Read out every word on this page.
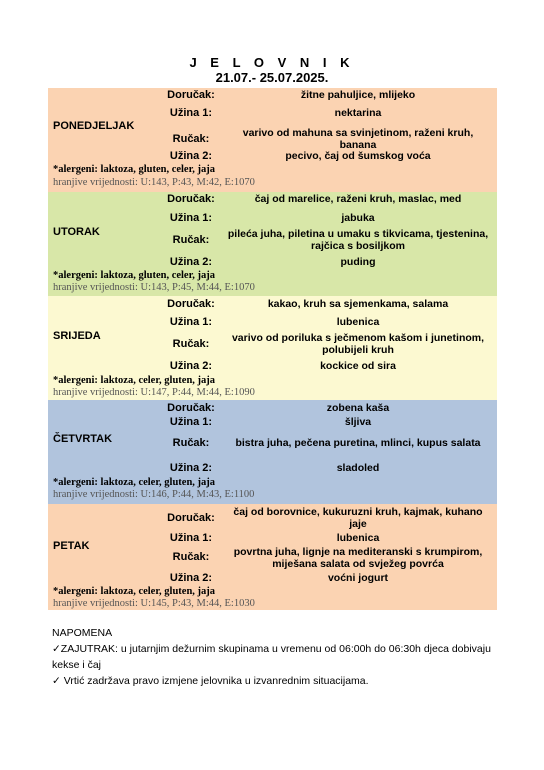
J E L O V N I K
21.07.- 25.07.2025.
PONEDJELJAK
Doručak:	žitne pahuljice, mlijeko
Užina 1:	nektarina
Ručak:	varivo od mahuna sa svinjetinom, raženi kruh, banana
Užina 2:	pecivo, čaj od šumskog voća
*alergeni: laktoza, gluten, celer, jaja
hranjive vrijednosti: U:143, P:43, M:42, E:1070
UTORAK
Doručak:	čaj od marelice, raženi kruh, maslac, med
Užina 1:	jabuka
Ručak:	pileća juha, piletina u umaku s tikvicama, tjestenina, rajčica s bosiljkom
Užina 2:	puding
*alergeni: laktoza, gluten, celer, jaja
hranjive vrijednosti: U:143, P:45, M:44, E:1070
SRIJEDA
Doručak:	kakao, kruh sa sjemenkama, salama
Užina 1:	lubenica
Ručak:	varivo od poriluka s ječmenom kašom i junetinom, polubijeli kruh
Užina 2:	kockice od sira
*alergeni: laktoza, celer, gluten, jaja
hranjive vrijednosti: U:147, P:44, M:44, E:1090
ČETVRTAK
Doručak:	zobena kaša
Užina 1:	šljiva
Ručak:	bistra juha, pečena puretina, mlinci, kupus salata
Užina 2:	sladoled
*alergeni: laktoza, celer, gluten, jaja
hranjive vrijednosti: U:146, P:44, M:43, E:1100
PETAK
Doručak:	čaj od borovnice, kukuruzni kruh, kajmak, kuhano jaje
Užina 1:	lubenica
Ručak:	povrtna juha, lignje na mediteranski s krumpirom, miješana salata od svježeg povrća
Užina 2:	voćni jogurt
*alergeni: laktoza, celer, gluten, jaja
hranjive vrijednosti: U:145, P:43, M:44, E:1030
NAPOMENA
✓ZAJUTRAK: u jutarnjim dežurnim skupinama u vremenu od 06:00h do 06:30h djeca dobivaju kekse i čaj
✓ Vrtić zadržava pravo izmjene jelovnika u izvanrednim situacijama.
